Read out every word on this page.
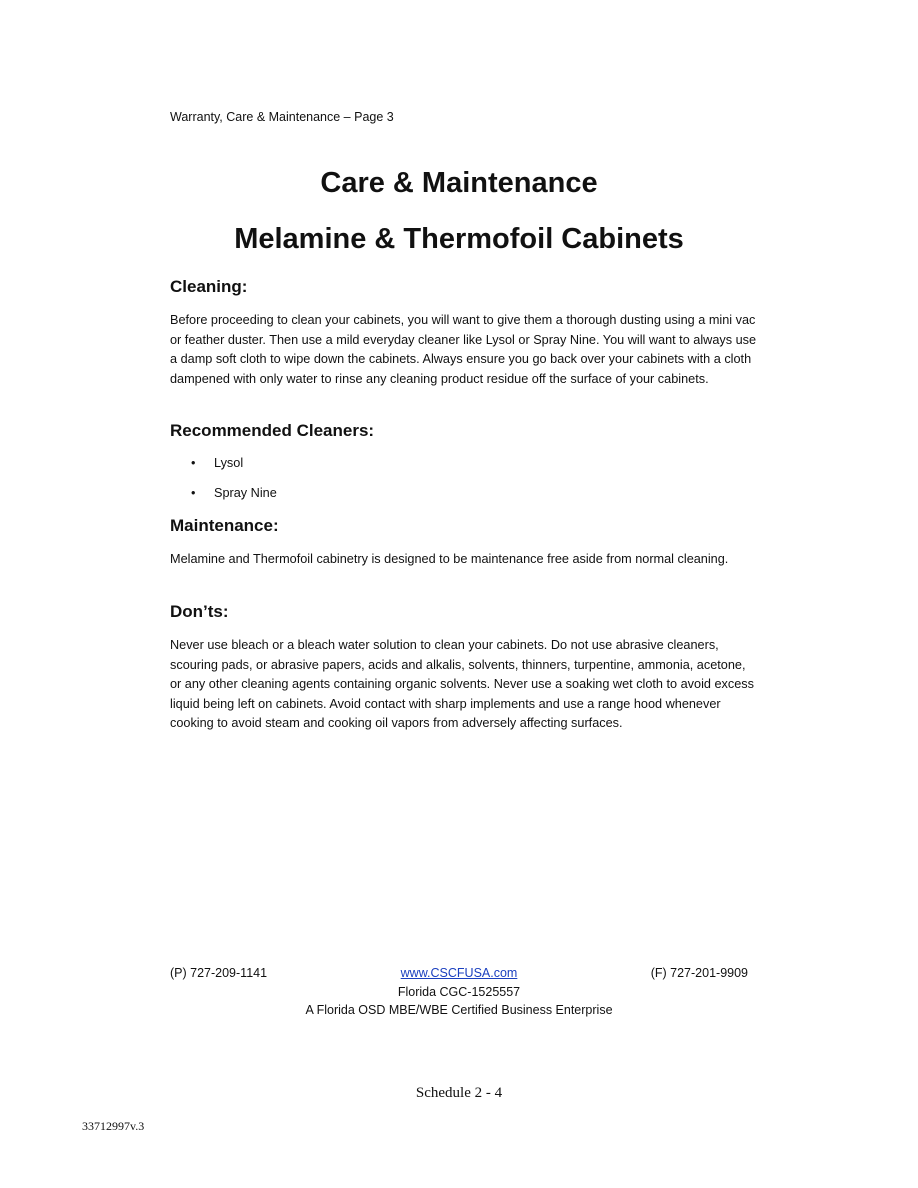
Warranty, Care & Maintenance – Page 3
Care & Maintenance
Melamine & Thermofoil Cabinets
Cleaning:

Before proceeding to clean your cabinets, you will want to give them a thorough dusting using a mini vac or feather duster. Then use a mild everyday cleaner like Lysol or Spray Nine. You will want to always use a damp soft cloth to wipe down the cabinets. Always ensure you go back over your cabinets with a cloth dampened with only water to rinse any cleaning product residue off the surface of your cabinets.

Recommended Cleaners:
• Lysol
• Spray Nine
Maintenance:

Melamine and Thermofoil cabinetry is designed to be maintenance free aside from normal cleaning.

Don’ts:

Never use bleach or a bleach water solution to clean your cabinets. Do not use abrasive cleaners, scouring pads, or abrasive papers, acids and alkalis, solvents, thinners, turpentine, ammonia, acetone, or any other cleaning agents containing organic solvents. Never use a soaking wet cloth to avoid excess liquid being left on cabinets. Avoid contact with sharp implements and use a range hood whenever cooking to avoid steam and cooking oil vapors from adversely affecting surfaces.

(P) 727-209-1141	www.CSCFUSA.com	(F) 727-201-9909
Florida CGC-1525557
A Florida OSD MBE/WBE Certified Business Enterprise
Schedule 2 - 4
33712997v.3
